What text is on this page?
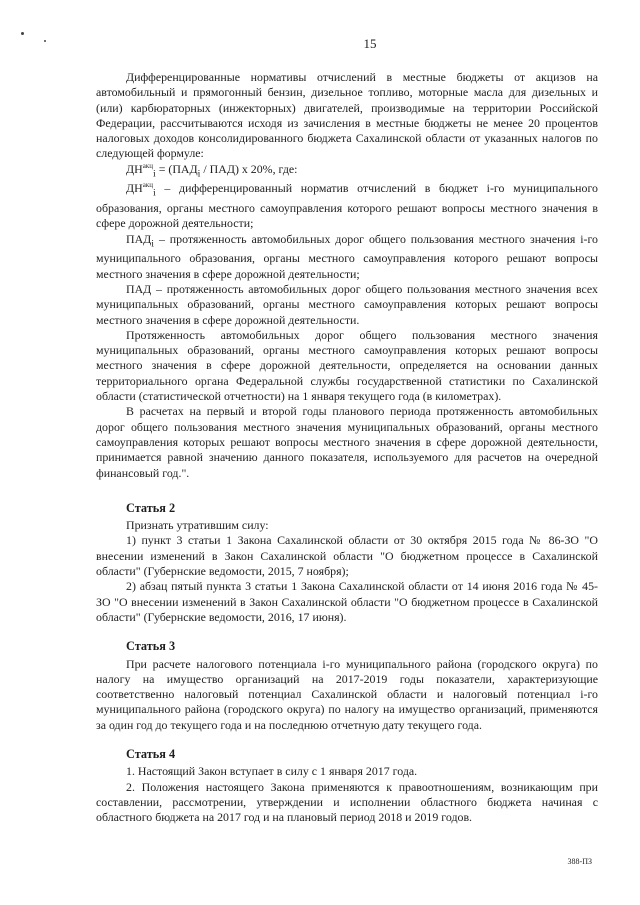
15

Дифференцированные нормативы отчислений в местные бюджеты от акцизов на автомобильный и прямогонный бензин, дизельное топливо, моторные масла для дизельных и (или) карбюраторных (инжекторных) двигателей, производимые на территории Российской Федерации, рассчитываются исходя из зачисления в местные бюджеты не менее 20 процентов налоговых доходов консолидированного бюджета Сахалинской области от указанных налогов по следующей формуле:

$ДН^{акц}_i = (ПАД_i / ПАД)$ х 20%, где:

$ДН^{акц}_i$ – дифференцированный норматив отчислений в бюджет i-го муниципального образования, органы местного самоуправления которого решают вопросы местного значения в сфере дорожной деятельности;

$ПАД_i$ – протяженность автомобильных дорог общего пользования местного значения i-го муниципального образования, органы местного самоуправления которого решают вопросы местного значения в сфере дорожной деятельности;

ПАД – протяженность автомобильных дорог общего пользования местного значения всех муниципальных образований, органы местного самоуправления которых решают вопросы местного значения в сфере дорожной деятельности.

Протяженность автомобильных дорог общего пользования местного значения муниципальных образований, органы местного самоуправления которых решают вопросы местного значения в сфере дорожной деятельности, определяется на основании данных территориального органа Федеральной службы государственной статистики по Сахалинской области (статистической отчетности) на 1 января текущего года (в километрах).

В расчетах на первый и второй годы планового периода протяженность автомобильных дорог общего пользования местного значения муниципальных образований, органы местного самоуправления которых решают вопросы местного значения в сфере дорожной деятельности, принимается равной значению данного показателя, используемого для расчетов на очередной финансовый год.".

Статья 2

Признать утратившим силу:

1) пункт 3 статьи 1 Закона Сахалинской области от 30 октября 2015 года № 86-ЗО "О внесении изменений в Закон Сахалинской области "О бюджетном процессе в Сахалинской области" (Губернские ведомости, 2015, 7 ноября);

2) абзац пятый пункта 3 статьи 1 Закона Сахалинской области от 14 июня 2016 года № 45-ЗО "О внесении изменений в Закон Сахалинской области "О бюджетном процессе в Сахалинской области" (Губернские ведомости, 2016, 17 июня).

Статья 3

При расчете налогового потенциала i-го муниципального района (городского округа) по налогу на имущество организаций на 2017-2019 годы показатели, характеризующие соответственно налоговый потенциал Сахалинской области и налоговый потенциал i-го муниципального района (городского округа) по налогу на имущество организаций, применяются за один год до текущего года и на последнюю отчетную дату текущего года.

Статья 4

1. Настоящий Закон вступает в силу с 1 января 2017 года.

2. Положения настоящего Закона применяются к правоотношениям, возникающим при составлении, рассмотрении, утверждении и исполнении областного бюджета начиная с областного бюджета на 2017 год и на плановый период 2018 и 2019 годов.

388-ПЗ
